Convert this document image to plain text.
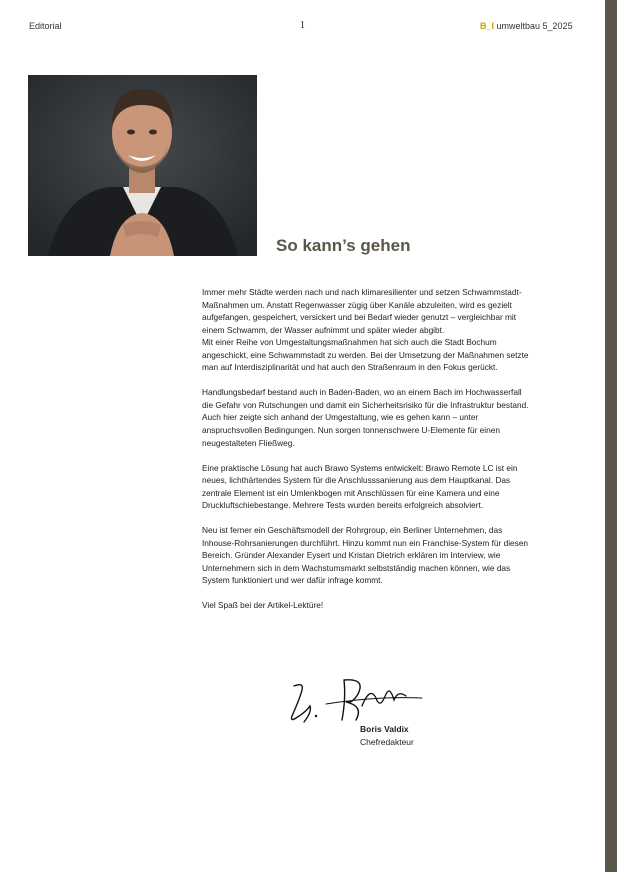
Editorial	1	B_I umweltbau 5_2025
So kann’s gehen

Immer mehr Städte werden nach und nach klimaresilienter und setzen Schwammstadt-Maßnahmen um. Anstatt Regenwasser zügig über Kanäle abzuleiten, wird es gezielt aufgefangen, gespeichert, versickert und bei Bedarf wieder genutzt – vergleichbar mit einem Schwamm, der Wasser aufnimmt und später wieder abgibt.

Mit einer Reihe von Umgestaltungsmaßnahmen hat sich auch die Stadt Bochum angeschickt, eine Schwammstadt zu werden. Bei der Umsetzung der Maßnahmen setzte man auf Interdisziplinarität und hat auch den Straßenraum in den Fokus gerückt.

Handlungsbedarf bestand auch in Baden-Baden, wo an einem Bach im Hochwasserfall die Gefahr von Rutschungen und damit ein Sicherheitsrisiko für die Infrastruktur bestand. Auch hier zeigte sich anhand der Umgestaltung, wie es gehen kann – unter anspruchsvollen Bedingungen. Nun sorgen tonnenschwere U-Elemente für einen neugestalteten Fließweg.

Eine praktische Lösung hat auch Brawo Systems entwickelt: Brawo Remote LC ist ein neues, lichthärtendes System für die Anschlusssanierung aus dem Hauptkanal. Das zentrale Element ist ein Umlenkbogen mit Anschlüssen für eine Kamera und eine Druckluftschiebestange. Mehrere Tests wurden bereits erfolgreich absolviert.

Neu ist ferner ein Geschäftsmodell der Rohrgroup, ein Berliner Unternehmen, das Inhouse-Rohrsanierungen durchführt. Hinzu kommt nun ein Franchise-System für diesen Bereich. Gründer Alexander Eysert und Kristan Dietrich erklären im Interview, wie Unternehmern sich in dem Wachstumsmarkt selbstständig machen können, wie das System funktioniert und wer dafür infrage kommt.

Viel Spaß bei der Artikel-Lektüre!

Boris Valdix
Chefredakteur
